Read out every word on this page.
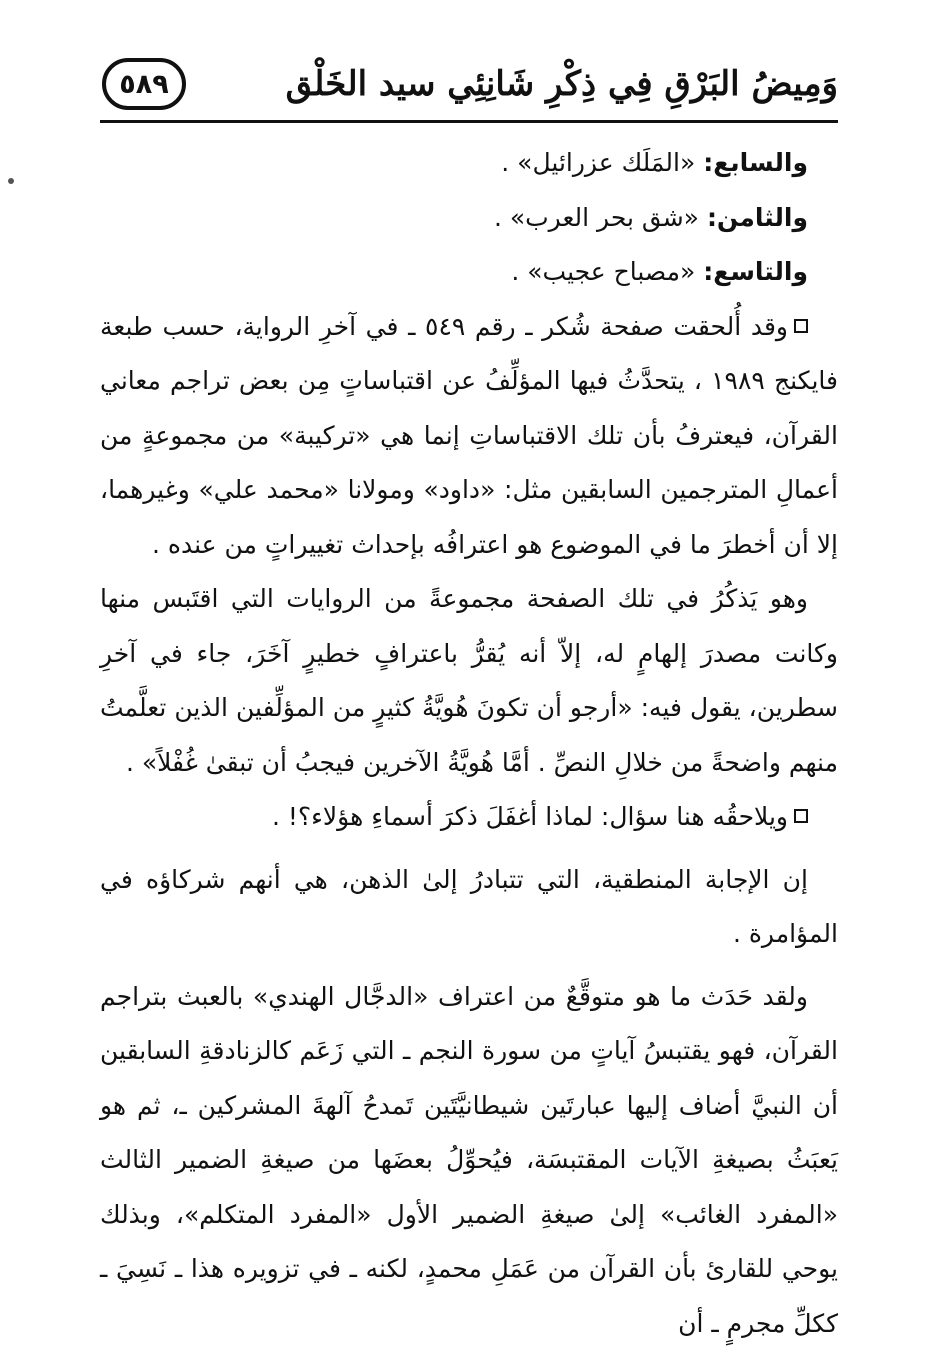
وَمِيضُ البَرْقِ فِي ذِكْرِ شَانِئِي سيد الخَلْق
٥٨٩

والسابع: «المَلَك عزرائيل» .

والثامن: «شق بحر العرب» .

والتاسع: «مصباح عجيب» .

وقد أُلحقت صفحة شُكر ـ رقم ٥٤٩ ـ في آخرِ الرواية، حسب طبعة فايكنج ١٩٨٩ ، يتحدَّثُ فيها المؤلِّفُ عن اقتباساتٍ مِن بعض تراجم معاني القرآن، فيعترفُ بأن تلك الاقتباساتِ إنما هي «تركيبة» من مجموعةٍ من أعمالِ المترجمين السابقين مثل: «داود» ومولانا «محمد علي» وغيرهما، إلا أن أخطرَ ما في الموضوع هو اعترافُه بإحداث تغييراتٍ من عنده .

وهو يَذكُرُ في تلك الصفحة مجموعةً من الروايات التي اقتَبس منها وكانت مصدرَ إلهامٍ له، إلاّ أنه يُقرُّ باعترافٍ خطيرٍ آخَرَ، جاء في آخرِ سطرين، يقول فيه: «أرجو أن تكونَ هُويَّةُ كثيرٍ من المؤلِّفين الذين تعلَّمتُ منهم واضحةً من خلالِ النصِّ . أمَّا هُويَّةُ الآخرين فيجبُ أن تبقىٰ غُفْلاً» .

ويلاحقُه هنا سؤال: لماذا أغفَلَ ذكرَ أسماءِ هؤلاء؟! .

إن الإجابة المنطقية، التي تتبادرُ إلىٰ الذهن، هي أنهم شركاؤه في المؤامرة .

ولقد حَدَث ما هو متوقَّعٌ من اعتراف «الدجَّال الهندي» بالعبث بتراجم القرآن، فهو يقتبسُ آياتٍ من سورة النجم ـ التي زَعَم كالزنادقةِ السابقين أن النبيَّ أضاف إليها عبارتَين شيطانيَّتَين تَمدحُ آلهةَ المشركين ـ، ثم هو يَعبَثُ بصيغةِ الآيات المقتبسَة، فيُحوِّلُ بعضَها من صيغةِ الضمير الثالث «المفرد الغائب» إلىٰ صيغةِ الضمير الأول «المفرد المتكلم»، وبذلك يوحي للقارئ بأن القرآن من عَمَلِ محمدٍ، لكنه ـ في تزويره هذا ـ نَسِيَ ـ ككلِّ مجرمٍ ـ أن
